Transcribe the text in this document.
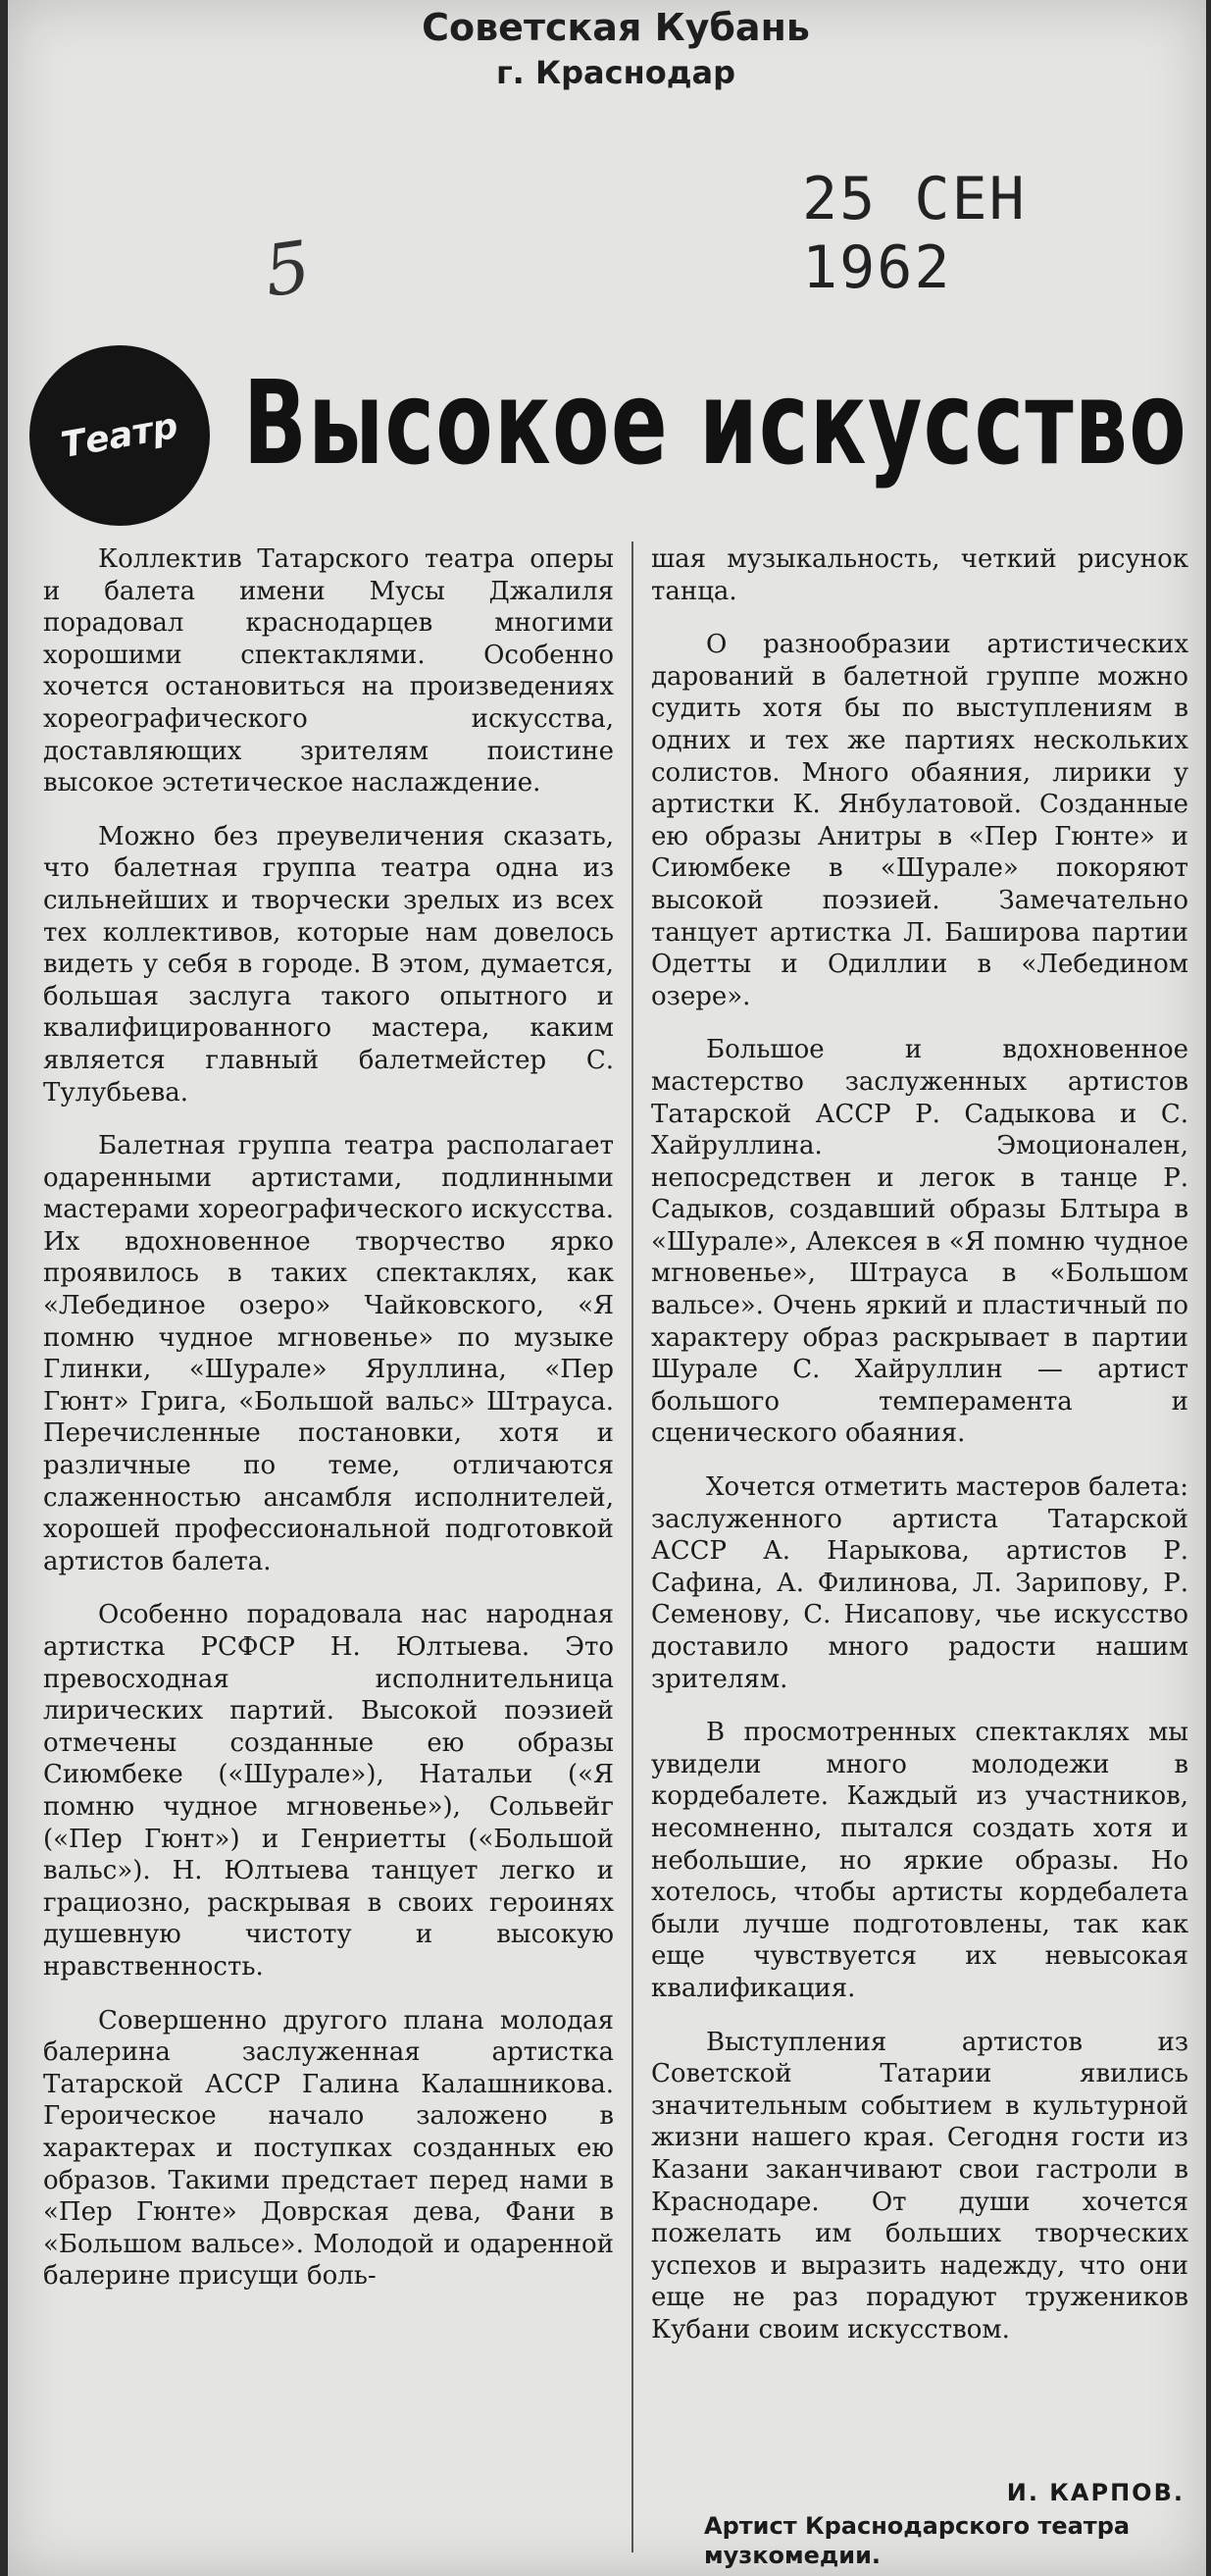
Советская Кубань
г. Краснодар
25 СЕН 1962
5
Театр Высокое искусство

Коллектив Татарского театра оперы и балета имени Мусы Джалиля порадовал краснодарцев многими хорошими спектаклями. Особенно хочется остановиться на произведениях хореографического искусства, доставляющих зрителям поистине высокое эстетическое наслаждение.

Можно без преувеличения сказать, что балетная группа театра одна из сильнейших и творчески зрелых из всех тех коллективов, которые нам довелось видеть у себя в городе. В этом, думается, большая заслуга такого опытного и квалифицированного мастера, каким является главный балетмейстер С. Тулубьева.

Балетная группа театра располагает одаренными артистами, подлинными мастерами хореографического искусства. Их вдохновенное творчество ярко проявилось в таких спектаклях, как «Лебединое озеро» Чайковского, «Я помню чудное мгновенье» по музыке Глинки, «Шурале» Яруллина, «Пер Гюнт» Грига, «Большой вальс» Штрауса. Перечисленные постановки, хотя и различные по теме, отличаются слаженностью ансамбля исполнителей, хорошей профессиональной подготовкой артистов балета.

Особенно порадовала нас народная артистка РСФСР Н. Юлтыева. Это превосходная исполнительница лирических партий. Высокой поэзией отмечены созданные ею образы Сиюмбеке («Шурале»), Натальи («Я помню чудное мгновенье»), Сольвейг («Пер Гюнт») и Генриетты («Большой вальс»). Н. Юлтыева танцует легко и грациозно, раскрывая в своих героинях душевную чистоту и высокую нравственность.

Совершенно другого плана молодая балерина заслуженная артистка Татарской АССР Галина Калашникова. Героическое начало заложено в характерах и поступках созданных ею образов. Такими предстает перед нами в «Пер Гюнте» Доврская дева, Фани в «Большом вальсе». Молодой и одаренной балерине присущи боль-

шая музыкальность, четкий рисунок танца.

О разнообразии артистических дарований в балетной группе можно судить хотя бы по выступлениям в одних и тех же партиях нескольких солистов. Много обаяния, лирики у артистки К. Янбулатовой. Созданные ею образы Анитры в «Пер Гюнте» и Сиюмбеке в «Шурале» покоряют высокой поэзией. Замечательно танцует артистка Л. Баширова партии Одетты и Одиллии в «Лебедином озере».

Большое и вдохновенное мастерство заслуженных артистов Татарской АССР Р. Садыкова и С. Хайруллина. Эмоционален, непосредствен и легок в танце Р. Садыков, создавший образы Блтыра в «Шурале», Алексея в «Я помню чудное мгновенье», Штрауса в «Большом вальсе». Очень яркий и пластичный по характеру образ раскрывает в партии Шурале С. Хайруллин — артист большого темперамента и сценического обаяния.

Хочется отметить мастеров балета: заслуженного артиста Татарской АССР А. Нарыкова, артистов Р. Сафина, А. Филинова, Л. Зарипову, Р. Семенову, С. Нисапову, чье искусство доставило много радости нашим зрителям.

В просмотренных спектаклях мы увидели много молодежи в кордебалете. Каждый из участников, несомненно, пытался создать хотя и небольшие, но яркие образы. Но хотелось, чтобы артисты кордебалета были лучше подготовлены, так как еще чувствуется их невысокая квалификация.

Выступления артистов из Советской Татарии явились значительным событием в культурной жизни нашего края. Сегодня гости из Казани заканчивают свои гастроли в Краснодаре. От души хочется пожелать им больших творческих успехов и выразить надежду, что они еще не раз порадуют тружеников Кубани своим искусством.

И. КАРПОВ.
Артист Краснодарского театра музкомедии.
